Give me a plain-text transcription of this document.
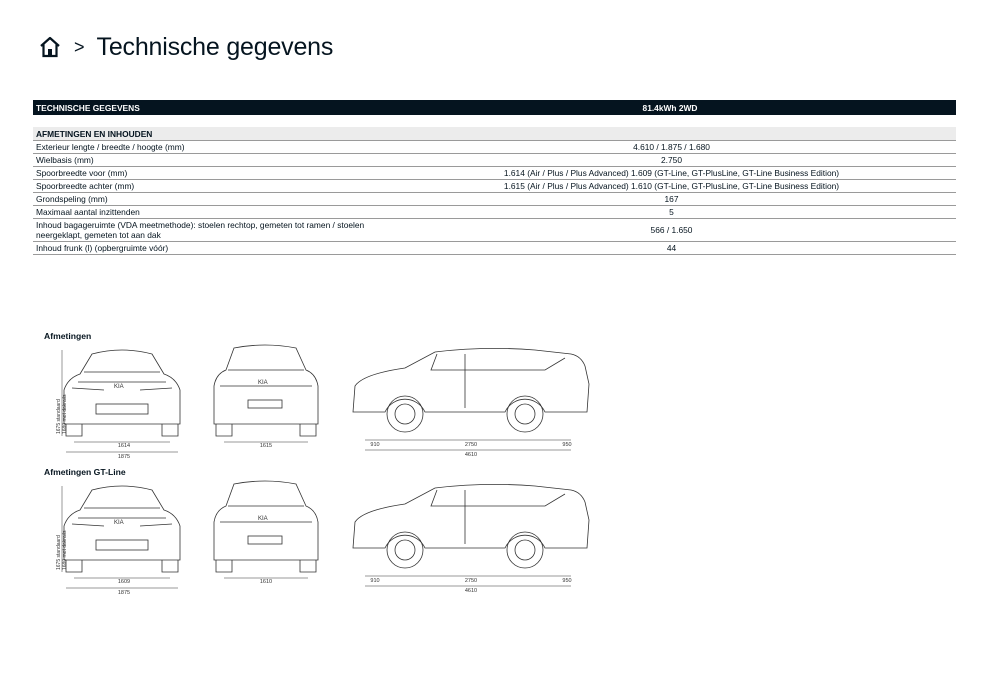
> Technische gegevens
TECHNISCHE GEGEVENS	81.4kWh 2WD

AFMETINGEN EN INHOUDEN	
Exterieur lengte / breedte / hoogte (mm)	4.610 / 1.875 / 1.680
Wielbasis (mm)	2.750
Spoorbreedte voor (mm)	1.614 (Air / Plus / Plus Advanced) 1.609 (GT-Line, GT-PlusLine, GT-Line Business Edition)
Spoorbreedte achter (mm)	1.615 (Air / Plus / Plus Advanced) 1.610 (GT-Line, GT-PlusLine, GT-Line Business Edition)
Grondspeling (mm)	167
Maximaal aantal inzittenden	5
Inhoud bagageruimte (VDA meetmethode): stoelen rechtop, gemeten tot ramen / stoelen neergeklapt, gemeten tot aan dak	566 / 1.650
Inhoud frunk (l) (opbergruimte vóór)	44
Afmetingen
KIA
1675 standaard 1680 met dakrails
1614
1875
KIA
1615	910	2750	950
4610
Afmetingen GT-Line
KIA
1675 standaard 1680 met dakrails
1609
1875
KIA
1610	910	2750	950
4610
